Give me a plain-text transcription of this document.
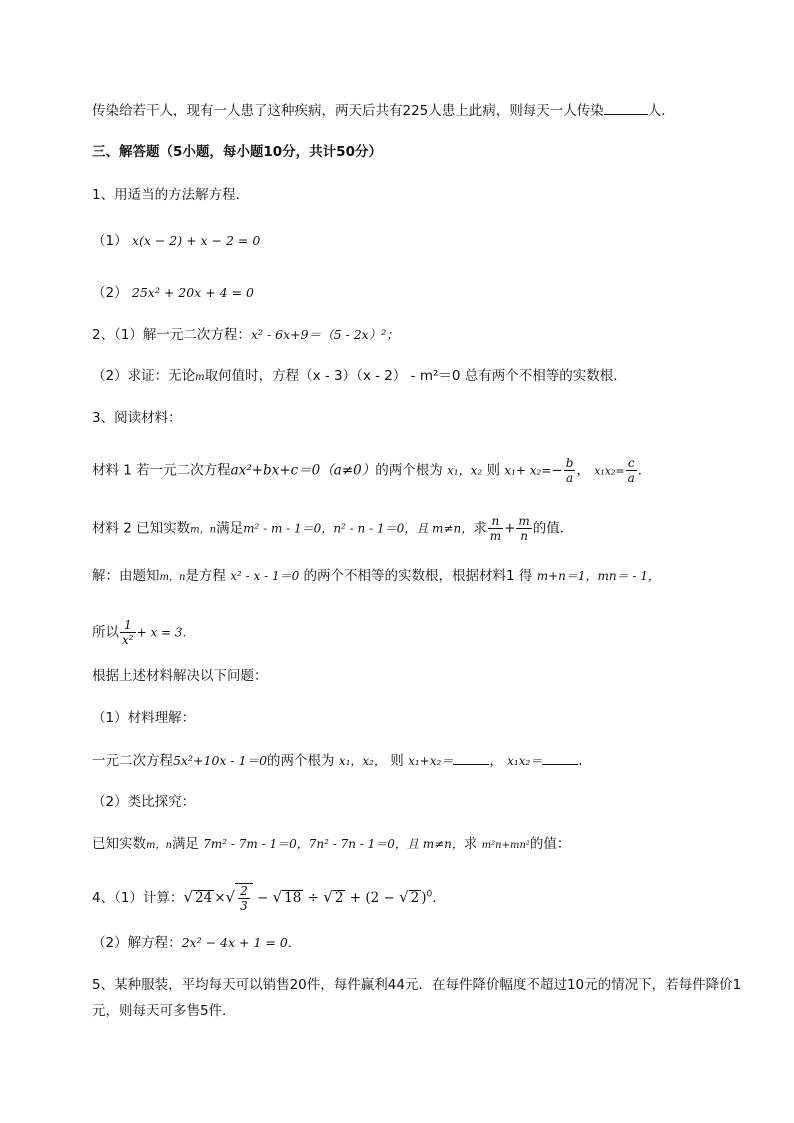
传染给若干人，现有一人患了这种疾病，两天后共有225人患上此病，则每天一人传染	人．
三、解答题（5小题，每小题10分，共计50分）
1、用适当的方法解方程．
（1） x(x − 2) + x − 2 = 0
（2） 25x² + 20x + 4 = 0
2、（1）解一元二次方程：x² - 6x+9＝（5 - 2x）²；
（2）求证：无论m取何值时，方程（x - 3）（x - 2） - m²＝0 总有两个不相等的实数根．
3、阅读材料：
材料 1 若一元二次方程ax²+bx+c＝0（a≠0）的两个根为 x₁，x₂ 则 $x_1+ x_2=- \frac{b}{a}$ ， $x_1x_2= \frac{c}{a}$ ．
材料 2 已知实数m，n满足m² - m - 1＝0，n² - n - 1＝0，且 m≠n，求 $\frac{n}{m} + \frac{m}{n}$ 的值．
解：由题知m，n是方程 x² - x - 1＝0 的两个不相等的实数根，根据材料1 得 m+n＝1，mn＝ - 1，
所以 $\frac{1}{\text{x²}} + x = 3$．
根据上述材料解决以下问题：
（1）材料理解：
一元二次方程5x²+10x - 1＝0的两个根为 x₁，x₂， 则 x₁+x₂＝	， x₁x₂＝	．
（2）类比探究：
已知实数m，n满足 7m² - 7m - 1＝0，7n² - 7n - 1＝0，且 m≠n，求 m²n+mn²的值：
4、（1）计算：√ 24 ×√ $\frac{2}{3}$ − √ 18 ÷ √ 2 + (2 − √ 2 )$^0$．
（2）解方程：2x² − 4x + 1 = 0．
5、某种服装，平均每天可以销售20件，每件赢利44元．在每件降价幅度不超过10元的情况下，若每件降价1元，则每天可多售5件．
